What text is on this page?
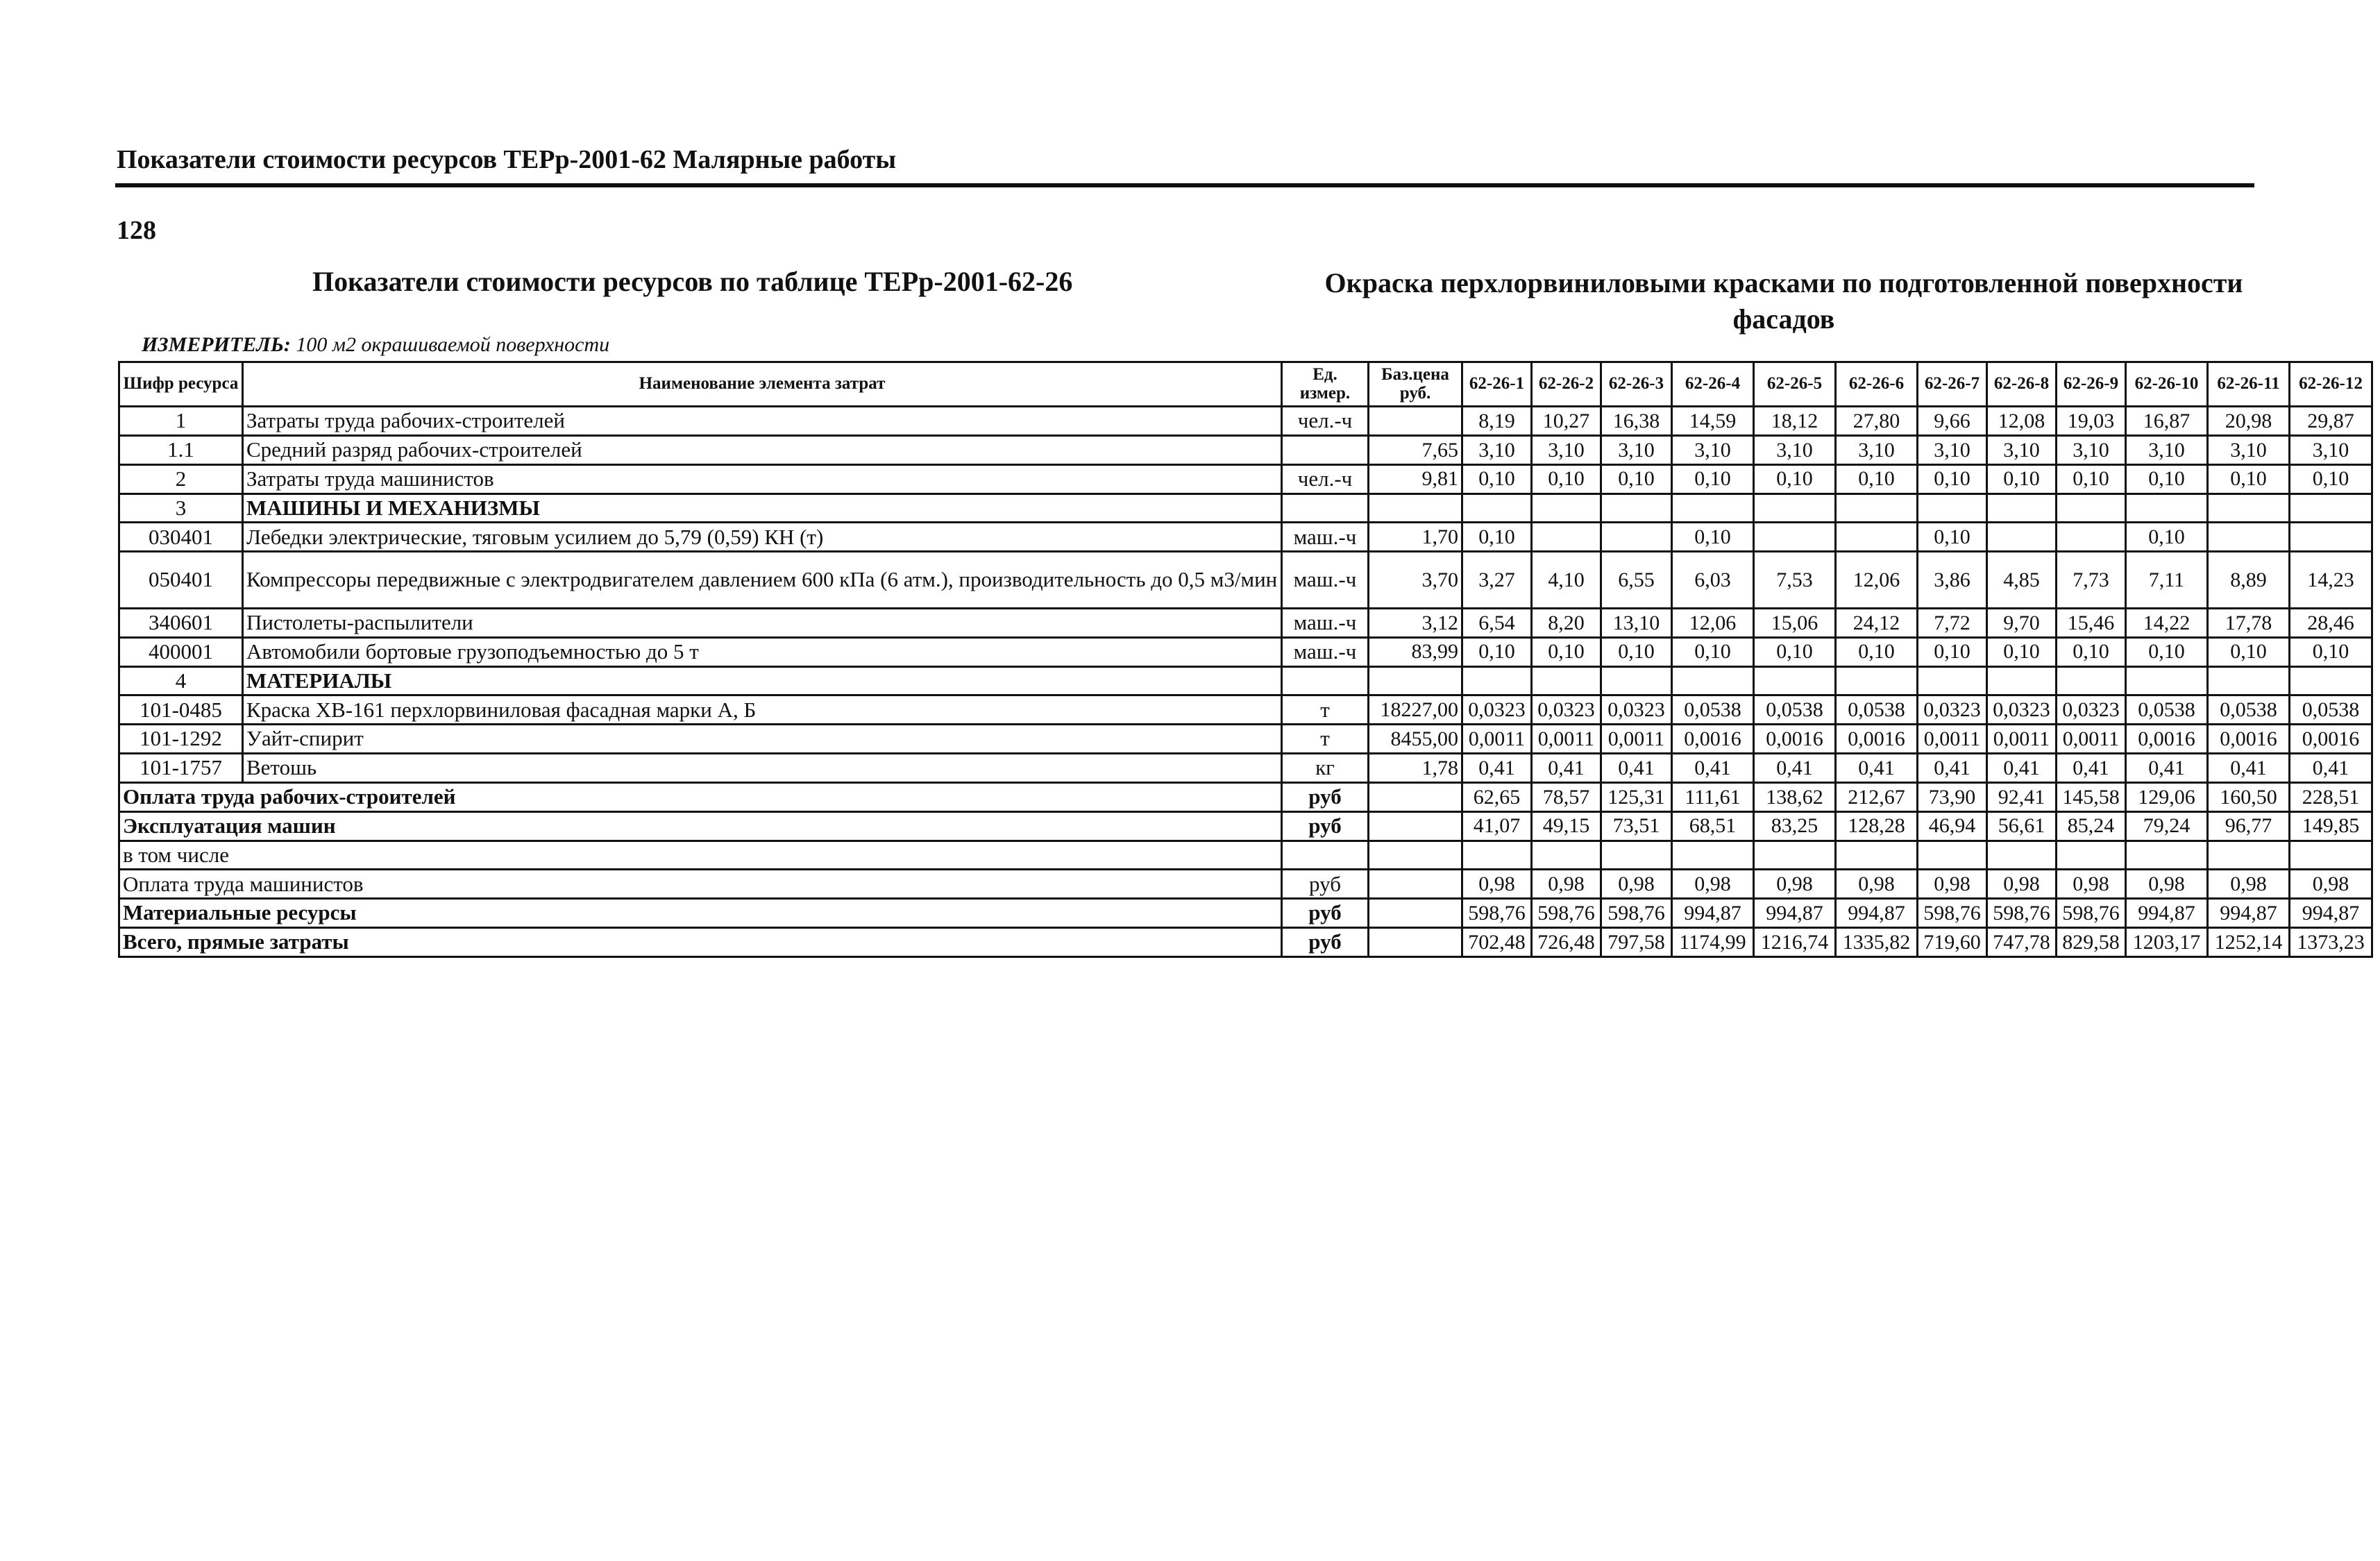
Показатели стоимости ресурсов ТЕРр-2001-62 Малярные работы
128
Показатели стоимости ресурсов по таблице ТЕРр-2001-62-26	Окраска перхлорвиниловыми красками по подготовленной поверхности фасадов
ИЗМЕРИТЕЛЬ: 100 м2 окрашиваемой поверхности
Шифр ресурса	Наименование элемента затрат	Ед. измер.	Баз.цена руб.	62-26-1	62-26-2	62-26-3	62-26-4	62-26-5	62-26-6	62-26-7	62-26-8	62-26-9	62-26-10	62-26-11	62-26-12
1	Затраты труда рабочих-строителей	чел.-ч		8,19	10,27	16,38	14,59	18,12	27,80	9,66	12,08	19,03	16,87	20,98	29,87
1.1	Средний разряд рабочих-строителей		7,65	3,10	3,10	3,10	3,10	3,10	3,10	3,10	3,10	3,10	3,10	3,10	3,10
2	Затраты труда машинистов	чел.-ч	9,81	0,10	0,10	0,10	0,10	0,10	0,10	0,10	0,10	0,10	0,10	0,10	0,10
3	МАШИНЫ И МЕХАНИЗМЫ														
030401	Лебедки электрические, тяговым усилием до 5,79 (0,59) КН (т)	маш.-ч	1,70	0,10			0,10			0,10			0,10		
050401	Компрессоры передвижные с электродвигателем давлением 600 кПа (6 атм.), производительность до 0,5 м3/мин	маш.-ч	3,70	3,27	4,10	6,55	6,03	7,53	12,06	3,86	4,85	7,73	7,11	8,89	14,23
340601	Пистолеты-распылители	маш.-ч	3,12	6,54	8,20	13,10	12,06	15,06	24,12	7,72	9,70	15,46	14,22	17,78	28,46
400001	Автомобили бортовые грузоподъемностью до 5 т	маш.-ч	83,99	0,10	0,10	0,10	0,10	0,10	0,10	0,10	0,10	0,10	0,10	0,10	0,10
4	МАТЕРИАЛЫ														
101-0485	Краска ХВ-161 перхлорвиниловая фасадная марки А, Б	т	18227,00	0,0323	0,0323	0,0323	0,0538	0,0538	0,0538	0,0323	0,0323	0,0323	0,0538	0,0538	0,0538
101-1292	Уайт-спирит	т	8455,00	0,0011	0,0011	0,0011	0,0016	0,0016	0,0016	0,0011	0,0011	0,0011	0,0016	0,0016	0,0016
101-1757	Ветошь	кг	1,78	0,41	0,41	0,41	0,41	0,41	0,41	0,41	0,41	0,41	0,41	0,41	0,41
Оплата труда рабочих-строителей		руб		62,65	78,57	125,31	111,61	138,62	212,67	73,90	92,41	145,58	129,06	160,50	228,51
Эксплуатация машин		руб		41,07	49,15	73,51	68,51	83,25	128,28	46,94	56,61	85,24	79,24	96,77	149,85
в том числе															
Оплата труда машинистов		руб		0,98	0,98	0,98	0,98	0,98	0,98	0,98	0,98	0,98	0,98	0,98	0,98
Материальные ресурсы		руб		598,76	598,76	598,76	994,87	994,87	994,87	598,76	598,76	598,76	994,87	994,87	994,87
Всего, прямые затраты		руб		702,48	726,48	797,58	1174,99	1216,74	1335,82	719,60	747,78	829,58	1203,17	1252,14	1373,23
